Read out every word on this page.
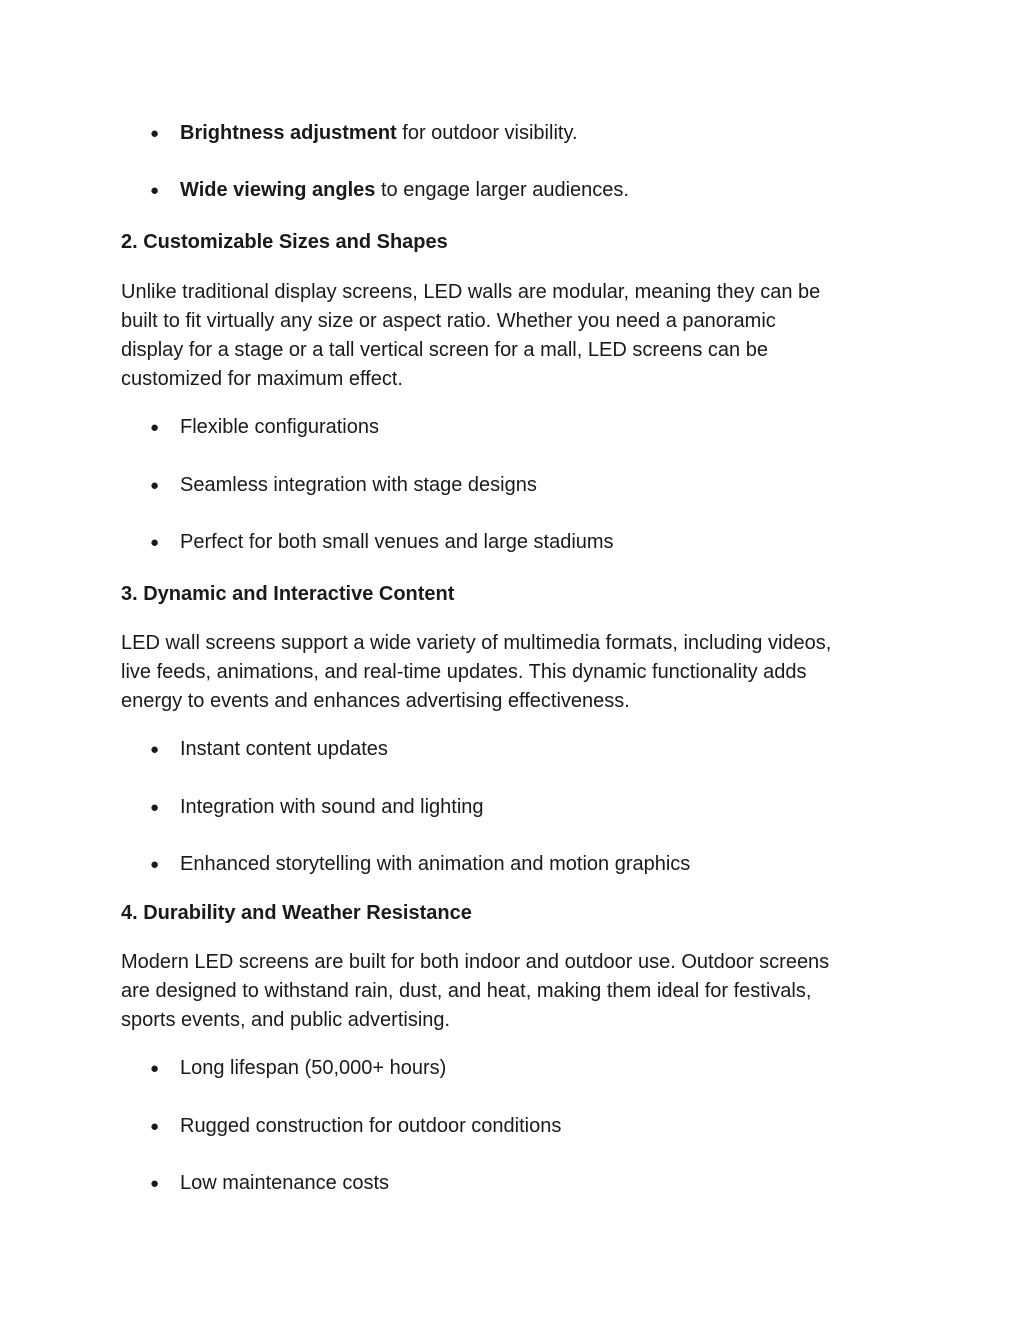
● Brightness adjustment for outdoor visibility.
● Wide viewing angles to engage larger audiences.
2. Customizable Sizes and Shapes

Unlike traditional display screens, LED walls are modular, meaning they can be
built to fit virtually any size or aspect ratio. Whether you need a panoramic
display for a stage or a tall vertical screen for a mall, LED screens can be
customized for maximum effect.

● Flexible configurations
● Seamless integration with stage designs
● Perfect for both small venues and large stadiums
3. Dynamic and Interactive Content

LED wall screens support a wide variety of multimedia formats, including videos,
live feeds, animations, and real-time updates. This dynamic functionality adds
energy to events and enhances advertising effectiveness.

● Instant content updates
● Integration with sound and lighting
● Enhanced storytelling with animation and motion graphics
4. Durability and Weather Resistance

Modern LED screens are built for both indoor and outdoor use. Outdoor screens
are designed to withstand rain, dust, and heat, making them ideal for festivals,
sports events, and public advertising.

● Long lifespan (50,000+ hours)
● Rugged construction for outdoor conditions
● Low maintenance costs
